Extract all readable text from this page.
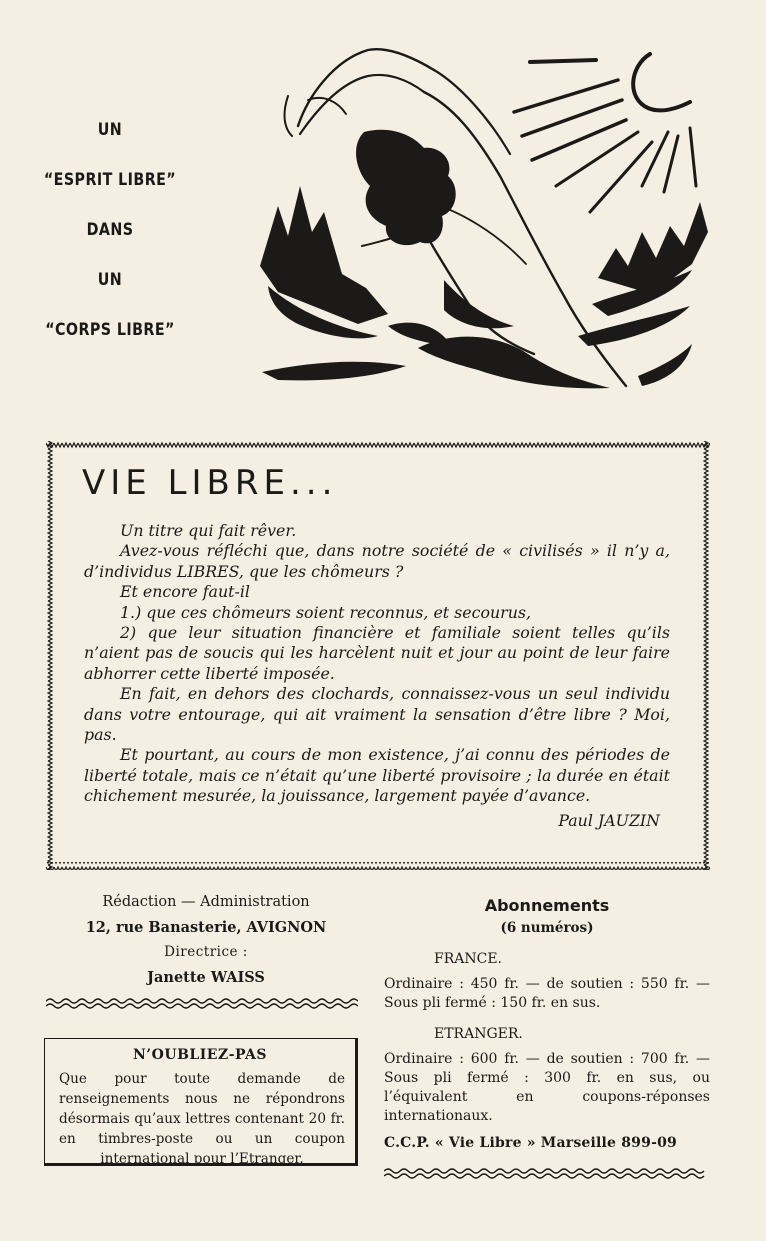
UN
“ESPRIT LIBRE”
DANS
UN
“CORPS LIBRE”
VIE LIBRE...

Un titre qui fait rêver.

Avez-vous réfléchi que, dans notre société de « civilisés » il n’y a, d’individus LIBRES, que les chômeurs ?

Et encore faut-il

1.) que ces chômeurs soient reconnus, et secourus,

2) que leur situation financière et familiale soient telles qu’ils n’aient pas de soucis qui les harcèlent nuit et jour au point de leur faire abhorrer cette liberté imposée.

En fait, en dehors des clochards, connaissez-vous un seul individu dans votre entourage, qui ait vraiment la sensation d’être libre ? Moi, pas.

Et pourtant, au cours de mon existence, j’ai connu des périodes de liberté totale, mais ce n’était qu’une liberté provisoire ; la durée en était chichement mesurée, la jouissance, largement payée d’avance.

Paul JAUZIN

Rédaction — Administration
12, rue Banasterie, AVIGNON
Directrice :
Janette WAISS
N’OUBLIEZ-PAS
Que pour toute demande de renseignements nous ne répondrons désormais qu’aux lettres contenant 20 fr. en timbres-poste ou un coupon international pour l’Etranger.
Abonnements
(6 numéros)
FRANCE.
Ordinaire : 450 fr. — de soutien : 550 fr. — Sous pli fermé : 150 fr. en sus.
ETRANGER.
Ordinaire : 600 fr. — de soutien : 700 fr. — Sous pli fermé : 300 fr. en sus, ou l’équivalent en coupons-réponses internationaux.
C.C.P. « Vie Libre » Marseille 899-09
